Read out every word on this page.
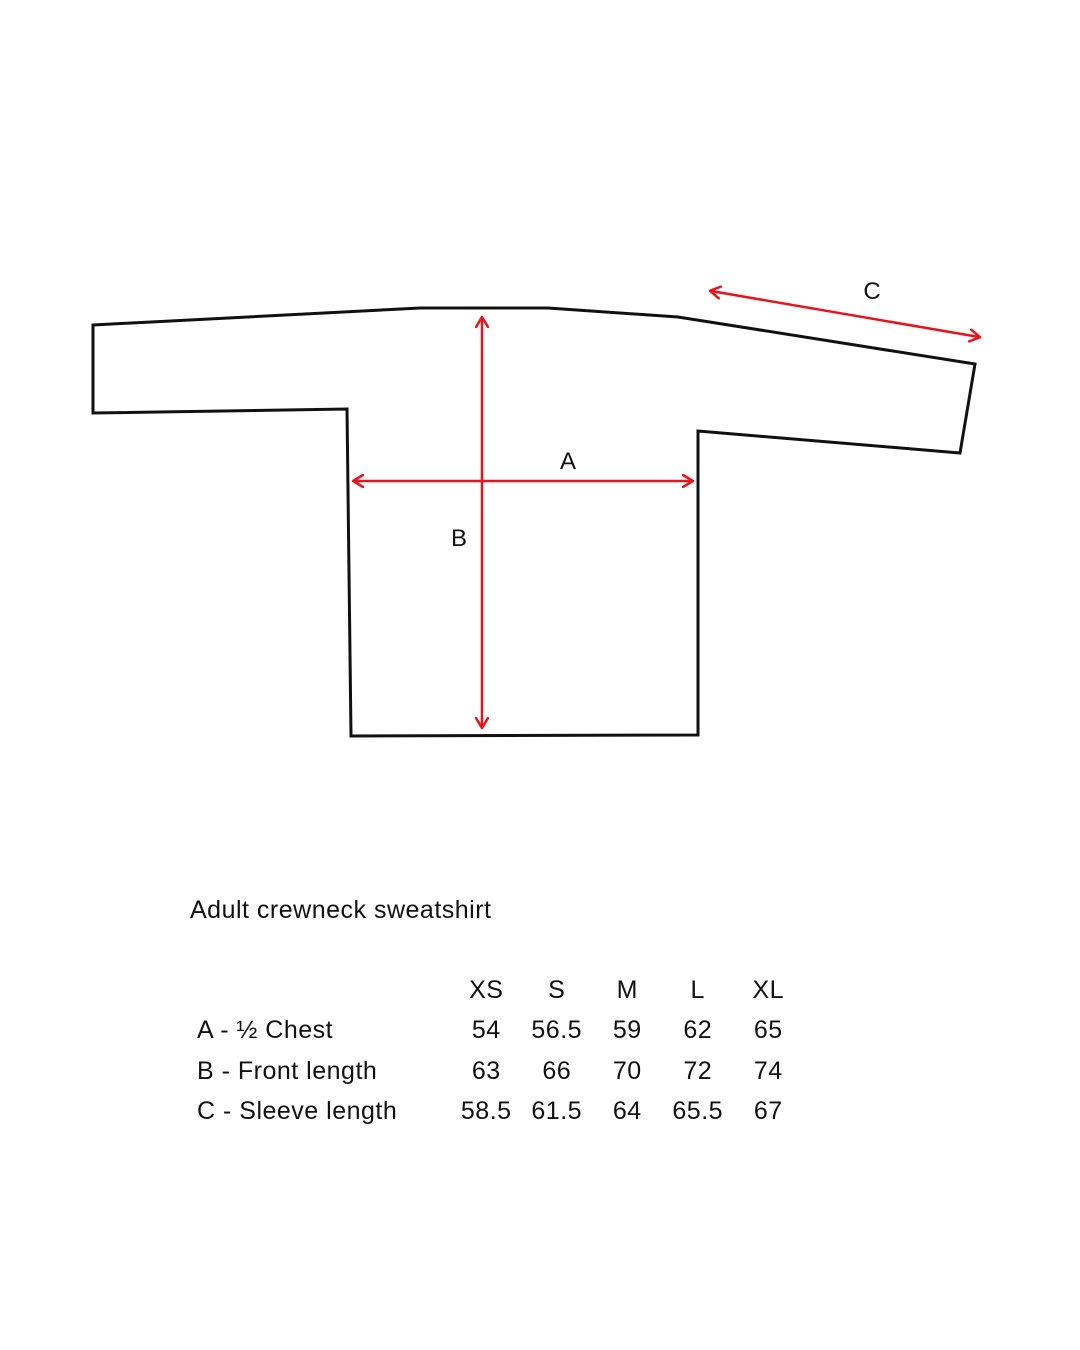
A
B
C
Adult crewneck sweatshirt
	XS	S	M	L	XL
A - ½ Chest	54	56.5	59	62	65
B - Front length	63	66	70	72	74
C - Sleeve length	58.5	61.5	64	65.5	67
